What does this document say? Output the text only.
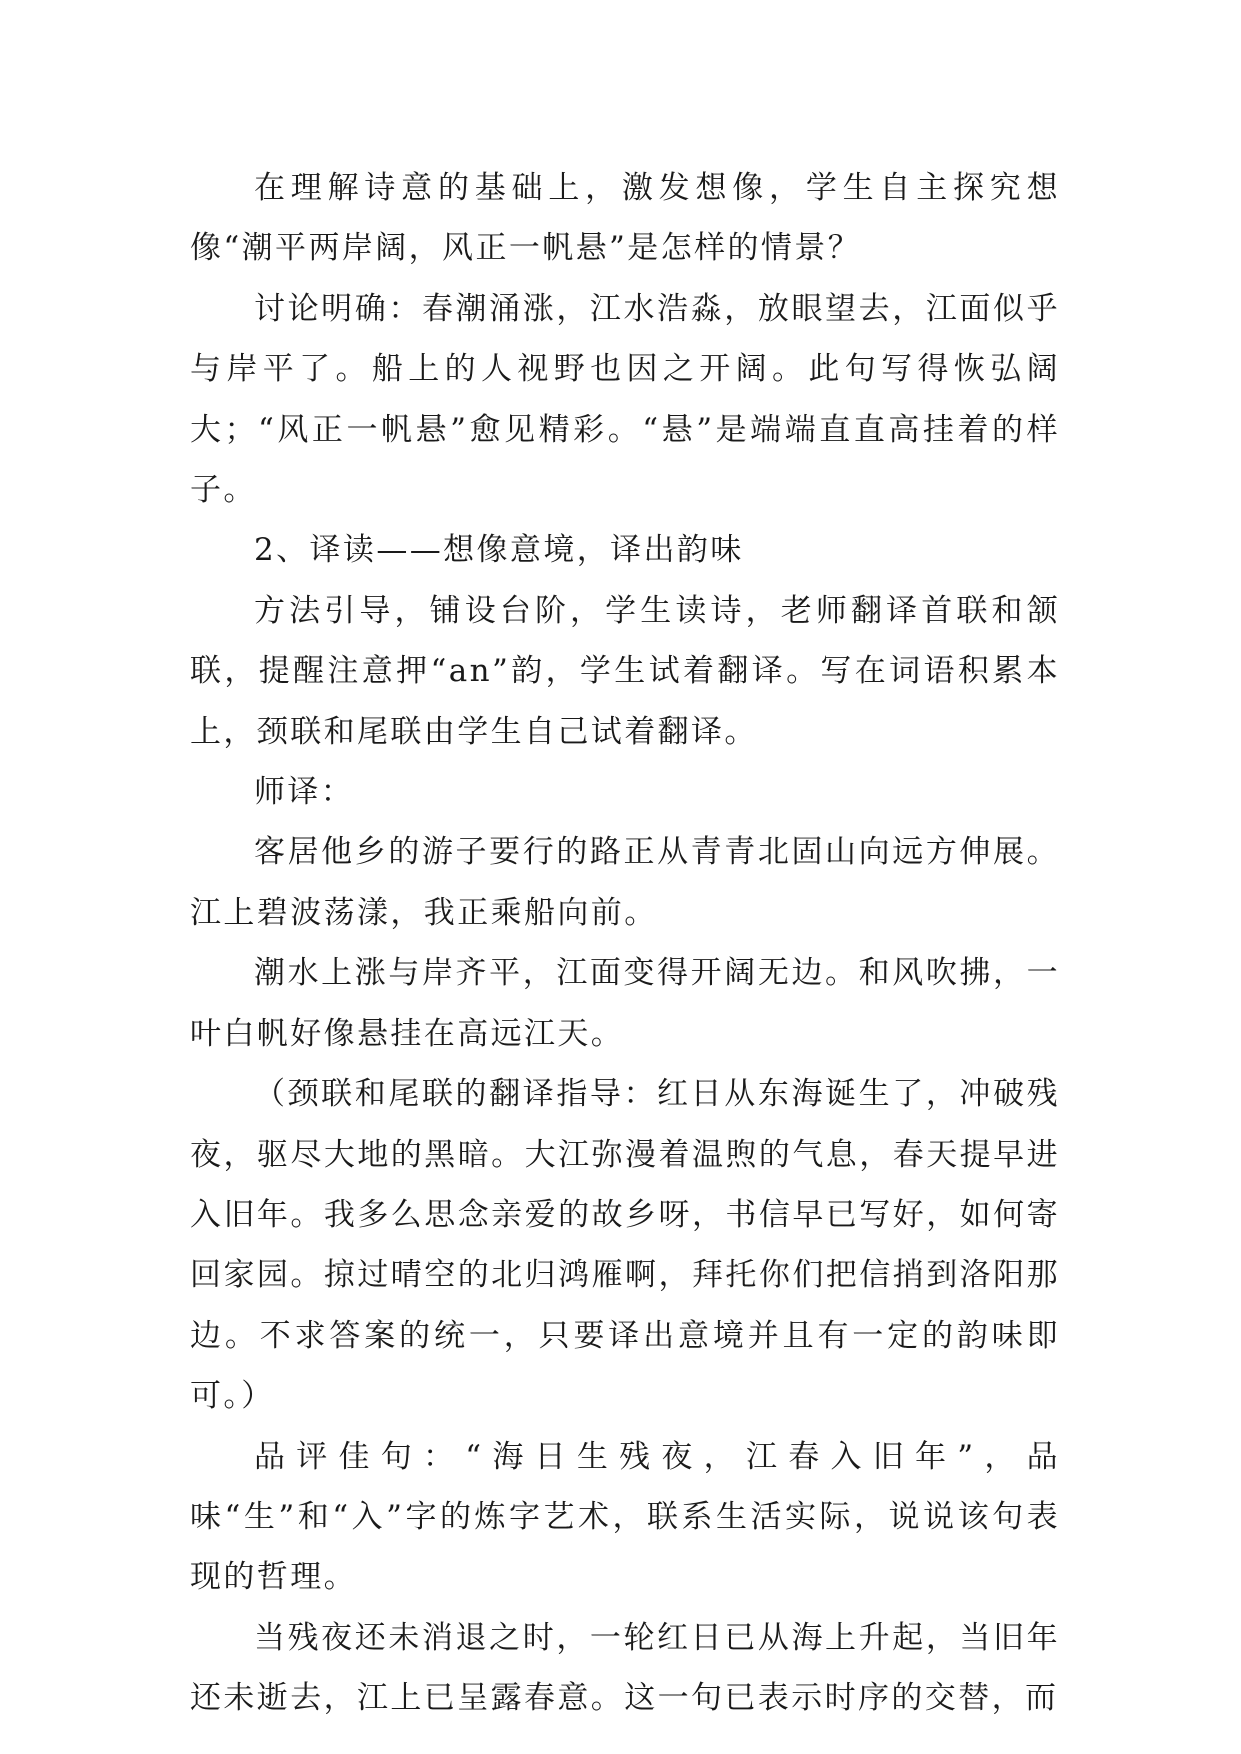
在理解诗意的基础上，激发想像，学生自主探究想像“潮平两岸阔，风正一帆悬”是怎样的情景？

讨论明确：春潮涌涨，江水浩淼，放眼望去，江面似乎与岸平了。船上的人视野也因之开阔。此句写得恢弘阔大；“风正一帆悬”愈见精彩。“悬”是端端直直高挂着的样子。

2、译读——想像意境，译出韵味

方法引导，铺设台阶，学生读诗，老师翻译首联和颔联，提醒注意押“an”韵，学生试着翻译。写在词语积累本上，颈联和尾联由学生自己试着翻译。

师译：

客居他乡的游子要行的路正从青青北固山向远方伸展。江上碧波荡漾，我正乘船向前。

潮水上涨与岸齐平，江面变得开阔无边。和风吹拂，一叶白帆好像悬挂在高远江天。

（颈联和尾联的翻译指导：红日从东海诞生了，冲破残夜，驱尽大地的黑暗。大江弥漫着温煦的气息，春天提早进入旧年。我多么思念亲爱的故乡呀，书信早已写好，如何寄回家园。掠过晴空的北归鸿雁啊，拜托你们把信捎到洛阳那边。不求答案的统一，只要译出意境并且有一定的韵味即可。）

品评佳句：“海日生残夜，江春入旧年”，品味“生”和“入”字的炼字艺术，联系生活实际，说说该句表现的哲理。

当残夜还未消退之时，一轮红日已从海上升起，当旧年还未逝去，江上已呈露春意。这一句已表示时序的交替，而
